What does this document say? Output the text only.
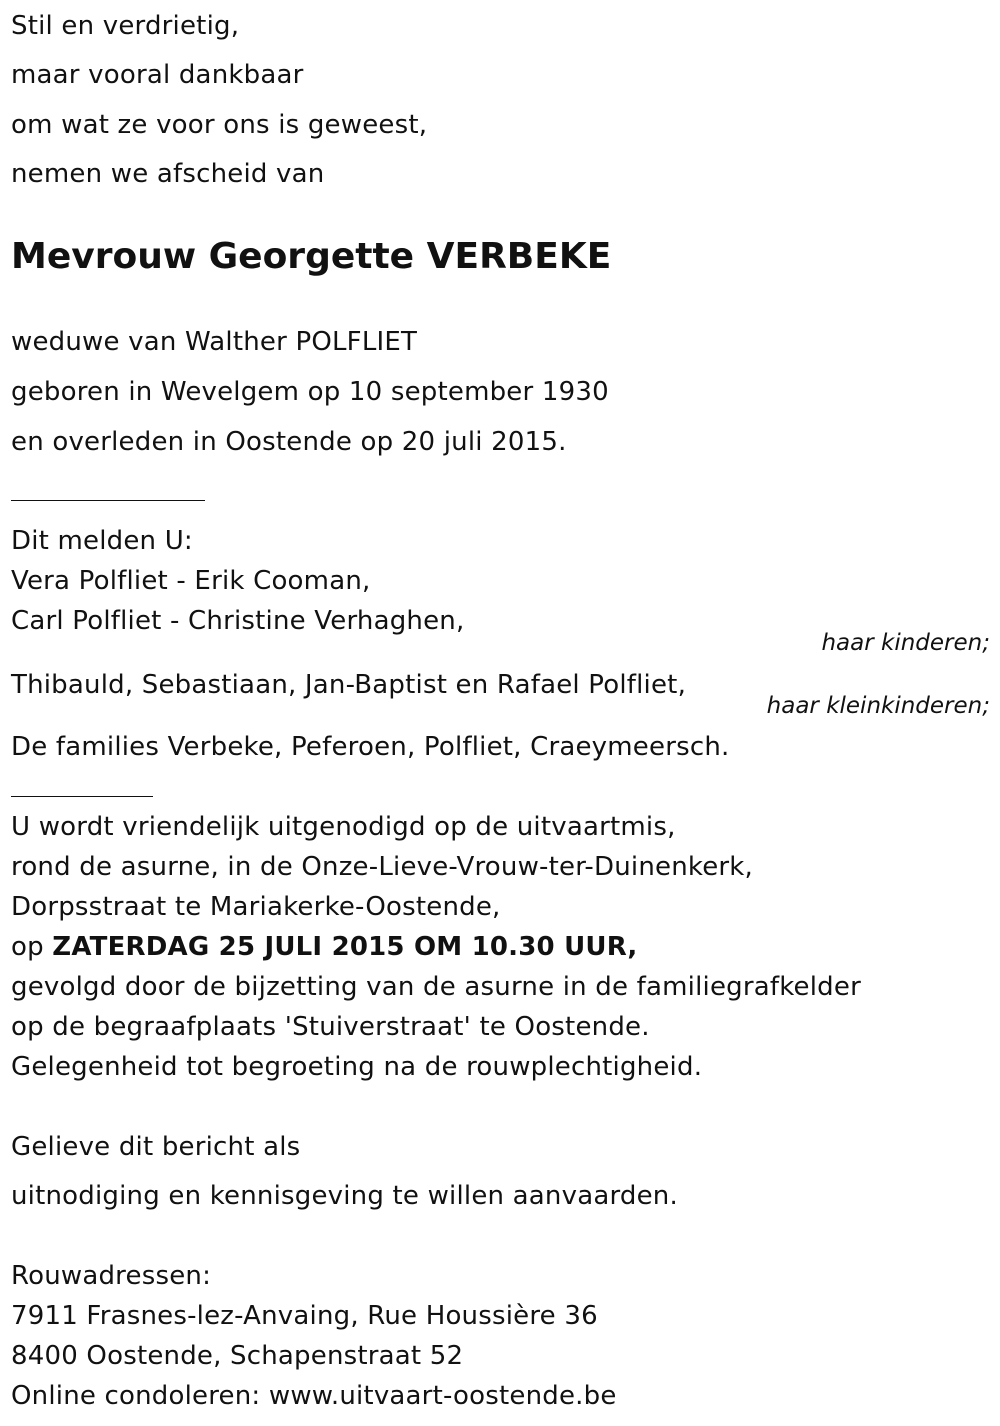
Stil en verdrietig,
maar vooral dankbaar
om wat ze voor ons is geweest,
nemen we afscheid van
Mevrouw Georgette VERBEKE
weduwe van Walther POLFLIET
geboren in Wevelgem op 10 september 1930
en overleden in Oostende op 20 juli 2015.
Dit melden U:
Vera Polfliet - Erik Cooman,
Carl Polfliet - Christine Verhaghen,
haar kinderen;
Thibauld, Sebastiaan, Jan-Baptist en Rafael Polfliet,
haar kleinkinderen;
De families Verbeke, Peferoen, Polfliet, Craeymeersch.
U wordt vriendelijk uitgenodigd op de uitvaartmis,
rond de asurne, in de Onze-Lieve-Vrouw-ter-Duinenkerk,
Dorpsstraat te Mariakerke-Oostende,
op ZATERDAG 25 JULI 2015 OM 10.30 UUR,
gevolgd door de bijzetting van de asurne in de familiegrafkelder
op de begraafplaats 'Stuiverstraat' te Oostende.
Gelegenheid tot begroeting na de rouwplechtigheid.
Gelieve dit bericht als
uitnodiging en kennisgeving te willen aanvaarden.
Rouwadressen:
7911 Frasnes-lez-Anvaing, Rue Houssière 36
8400 Oostende, Schapenstraat 52
Online condoleren: www.uitvaart-oostende.be
